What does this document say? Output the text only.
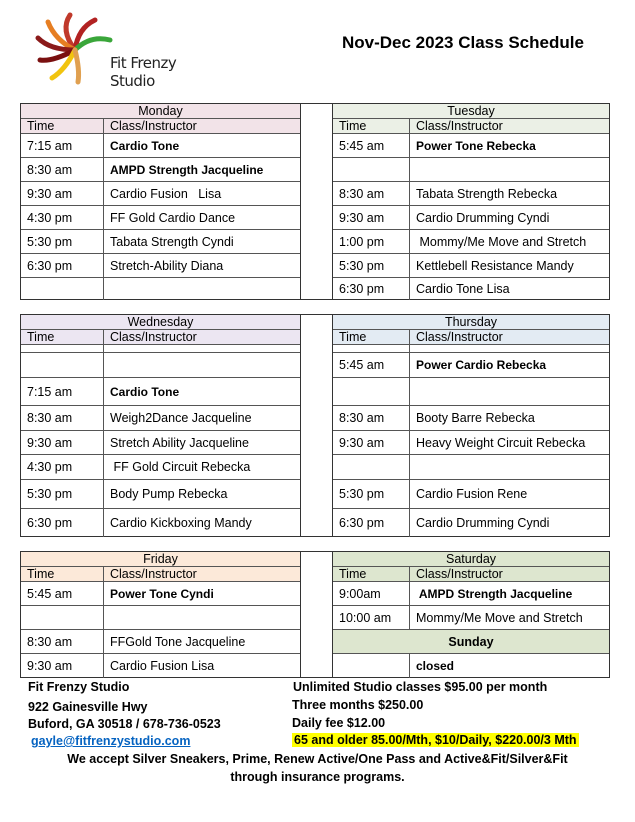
Fit Frenzy Studio
Nov-Dec 2023 Class Schedule
Monday
Time	Class/Instructor
7:15 am	Cardio Tone
8:30 am	AMPD Strength Jacqueline
9:30 am	Cardio Fusion   Lisa
4:30 pm	FF Gold Cardio Dance
5:30 pm	Tabata Strength Cyndi
6:30 pm	Stretch-Ability Diana
Tuesday
Time	Class/Instructor
5:45 am	Power Tone Rebecka
8:30 am	Tabata Strength Rebecka
9:30 am	Cardio Drumming Cyndi
1:00 pm	Mommy/Me Move and Stretch
5:30 pm	Kettlebell Resistance Mandy
6:30 pm	Cardio Tone Lisa
Wednesday
Time	Class/Instructor
7:15 am	Cardio Tone
8:30 am	Weigh2Dance Jacqueline
9:30 am	Stretch Ability Jacqueline
4:30 pm	FF Gold Circuit Rebecka
5:30 pm	Body Pump Rebecka
6:30 pm	Cardio Kickboxing Mandy
Thursday
Time	Class/Instructor
5:45 am	Power Cardio Rebecka
8:30 am	Booty Barre Rebecka
9:30 am	Heavy Weight Circuit Rebecka
5:30 pm	Cardio Fusion Rene
6:30 pm	Cardio Drumming Cyndi
Friday
Time	Class/Instructor
5:45 am	Power Tone Cyndi
8:30 am	FFGold Tone Jacqueline
9:30 am	Cardio Fusion Lisa
Saturday
Time	Class/Instructor
9:00am	AMPD Strength Jacqueline
10:00 am	Mommy/Me Move and Stretch
Sunday
closed
Fit Frenzy Studio
922 Gainesville Hwy
Buford, GA 30518 / 678-736-0523
gayle@fitfrenzystudio.com
Unlimited Studio classes $95.00 per month
Three months $250.00
Daily fee $12.00
65 and older 85.00/Mth, $10/Daily, $220.00/3 Mth
We accept Silver Sneakers, Prime, Renew Active/One Pass and Active&Fit/Silver&Fit
through insurance programs.
